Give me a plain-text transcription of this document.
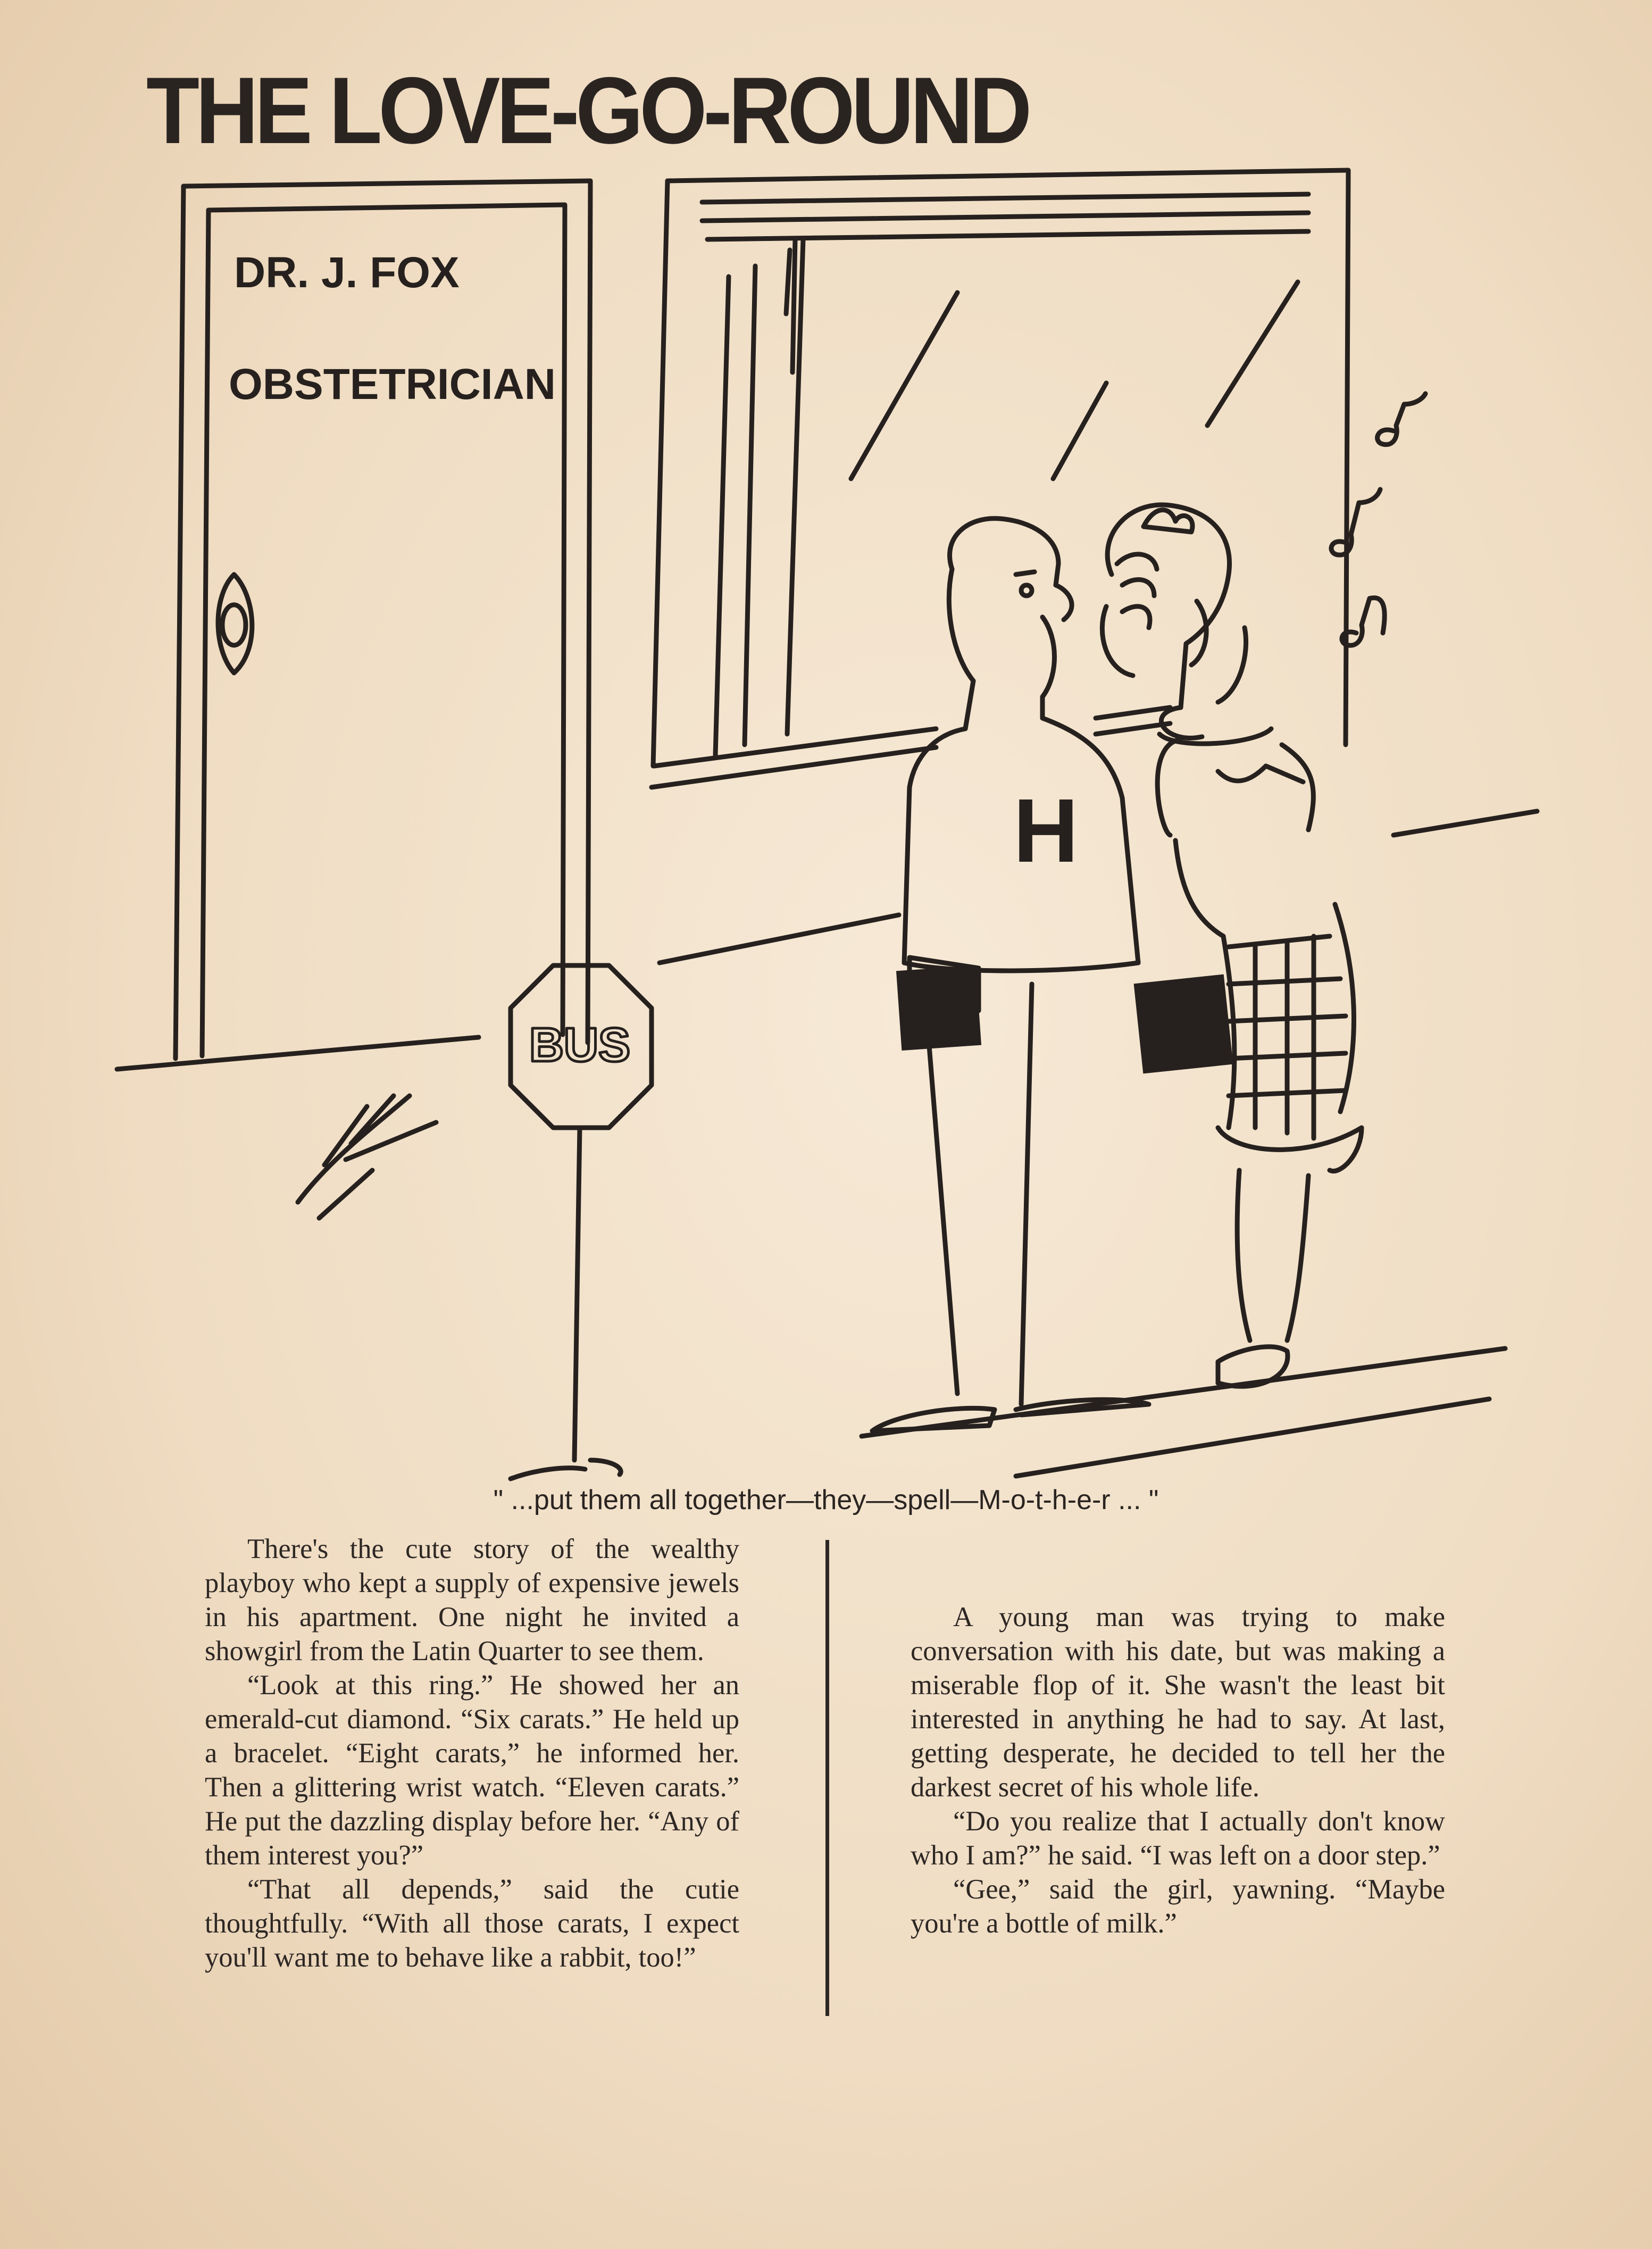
THE LOVE-GO-ROUND
DR. J. FOX
OBSTETRICIAN
BUS
H
" ...put them all together—they—spell—M-o-t-h-e-r ... "

There's the cute story of the wealthy playboy who kept a supply of expensive jewels in his apartment. One night he invited a showgirl from the Latin Quarter to see them.

“Look at this ring.” He showed her an emerald-cut diamond. “Six carats.” He held up a bracelet. “Eight carats,” he informed her. Then a glittering wrist watch. “Eleven carats.” He put the dazzling display before her. “Any of them interest you?”

“That all depends,” said the cutie thoughtfully. “With all those carats, I expect you'll want me to behave like a rabbit, too!”

A young man was trying to make conversation with his date, but was making a miserable flop of it. She wasn't the least bit interested in anything he had to say. At last, getting desperate, he decided to tell her the darkest secret of his whole life.

“Do you realize that I actually don't know who I am?” he said. “I was left on a door step.”

“Gee,” said the girl, yawning. “Maybe you're a bottle of milk.”
